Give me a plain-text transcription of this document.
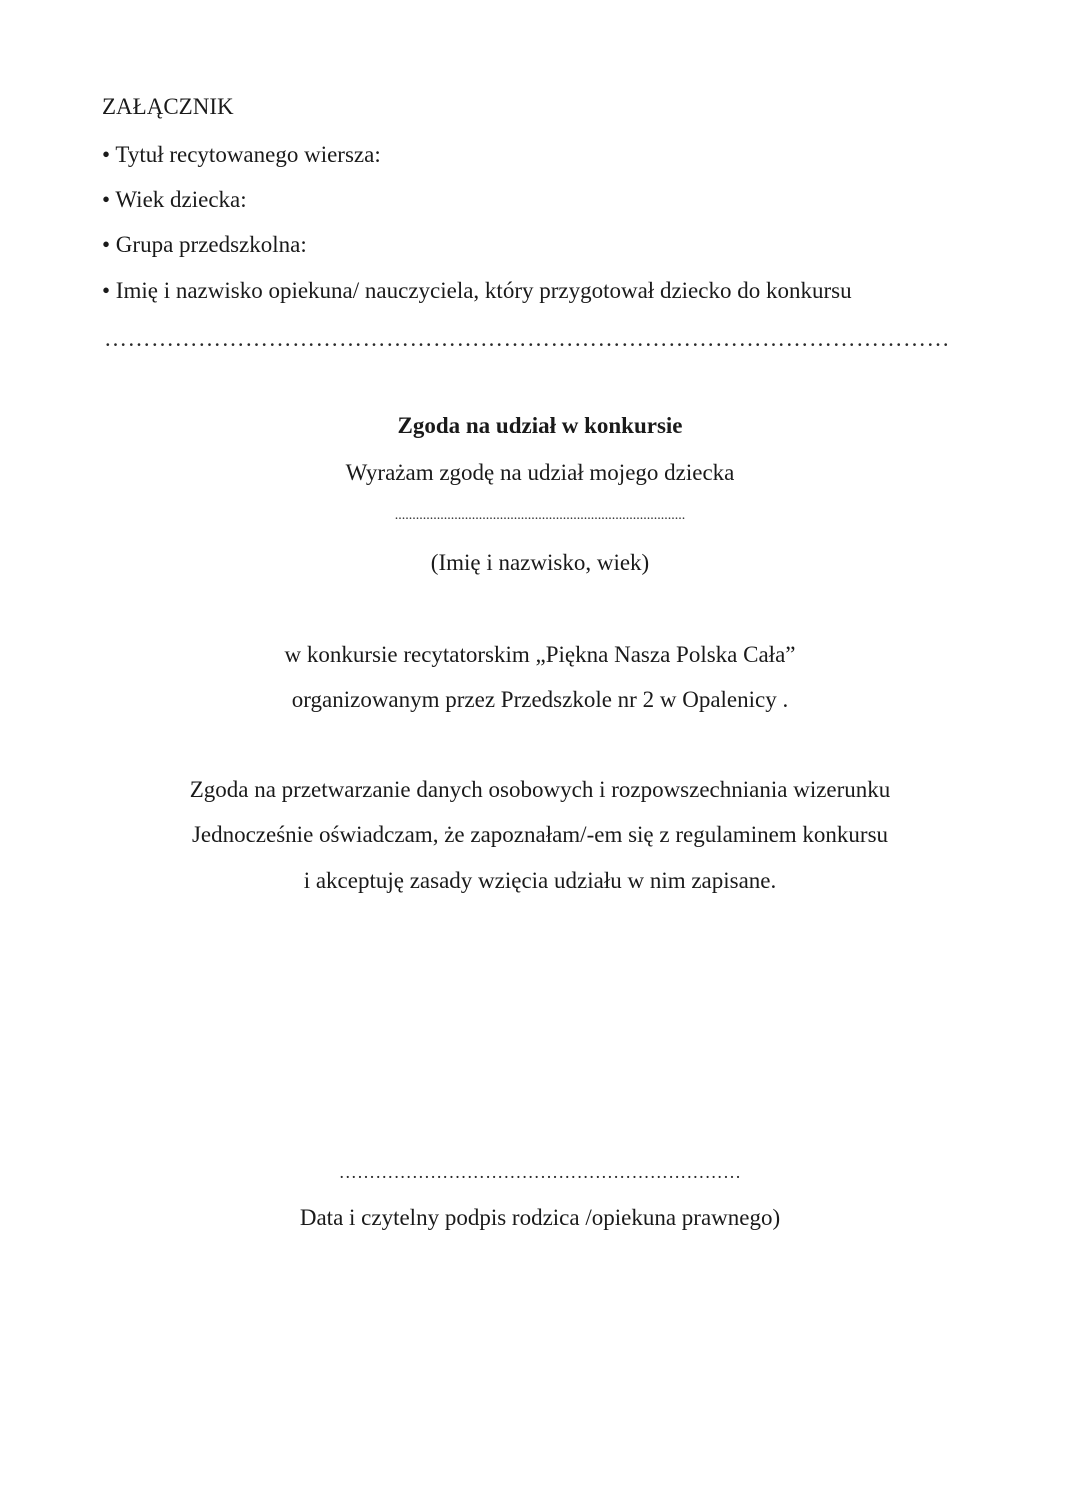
ZAŁĄCZNIK
• Tytuł recytowanego wiersza:
• Wiek dziecka:
• Grupa przedszkolna:
• Imię i nazwisko opiekuna/ nauczyciela, który przygotował dziecko do konkursu
………………………………………………………………………………………………
Zgoda na udział w konkursie
Wyrażam zgodę na udział mojego dziecka
...................................................................................
(Imię i nazwisko, wiek)
w konkursie recytatorskim „Piękna Nasza Polska Cała”
organizowanym przez Przedszkole nr 2 w Opalenicy .
Zgoda na przetwarzanie danych osobowych i rozpowszechniania wizerunku
Jednocześnie oświadczam, że zapoznałam/-em się z regulaminem konkursu
i akceptuję zasady wzięcia udziału w nim zapisane.
…………………………………………………………
Data i czytelny podpis rodzica /opiekuna prawnego)
